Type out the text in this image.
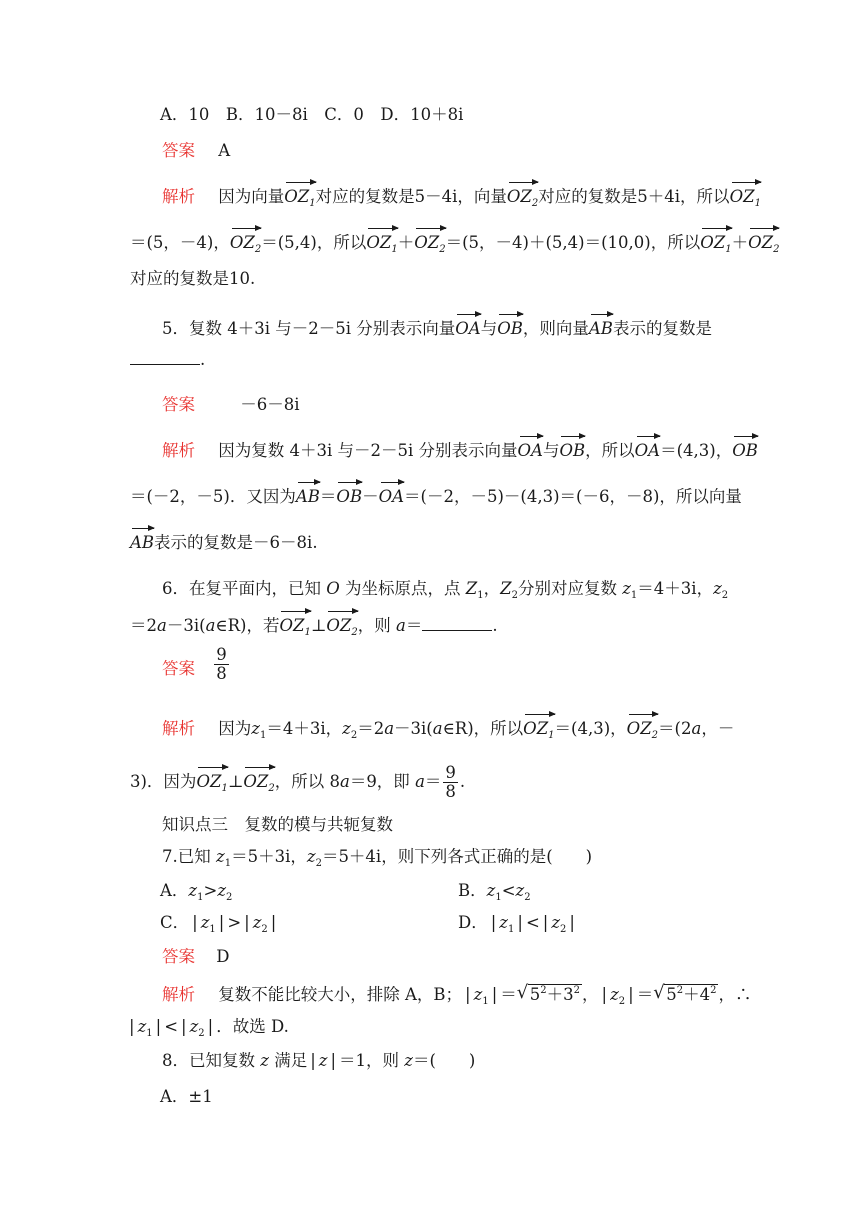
A．10　B．10－8i　C．0　D．10＋8i
答案 A
解析 因为向量$OZ_1$对应的复数是5－4i，向量$OZ_2$对应的复数是5＋4i，所以$OZ_1$
＝(5，－4)，$OZ_2=(5,4)$，所以$OZ_1+OZ_2=(5$，－4)＋(5,4)＝(10,0)，所以$OZ_1+OZ_2$
对应的复数是10.
5．复数 4＋3i 与－2－5i 分别表示向量OA与OB，则向量AB表示的复数是
.
答案	－6－8i
解析 因为复数 4＋3i 与－2－5i 分别表示向量OA与OB，所以OA＝(4,3)，OB
＝(－2，－5)．又因为AB＝OB－OA＝(－2，－5)－(4,3)＝(－6，－8)，所以向量
AB表示的复数是－6－8i.
6．在复平面内，已知 O 为坐标原点，点 $Z_1$，$Z_2$分别对应复数 $z_1=4+3i$，$z_2$
＝2a－3i(a∈R)，若$OZ_1\perp OZ_2$，则 a＝	.
答案 $\frac{9}{8}$
解析 因为$z_1=4+3i$，$z_2=2a-3i(a\in R)$，所以$OZ_1=(4,3)$，$OZ_2=(2a$，－
3)．因为$OZ_1\perp OZ_2$，所以 8a＝9，即 $a= \frac{9}{8}$ .
知识点三　复数的模与共轭复数
7.已知 $z_1=5+3i$，$z_2=5+4i$，则下列各式正确的是(　　)
A．$z_1>z_2$	B．$z_1<z_2$
C． | $z_1$ | > | $z_2$ |	D． | $z_1$ | < | $z_2$ |
答案 D
解析 复数不能比较大小，排除 A，B； | $z_1$ | ＝ √ $5^2+3^2$ ， | $z_2$ | ＝ √ $5^2+4^2$ ，∴
| $z_1$ | < | $z_2$ | ．故选 D.
8．已知复数 z 满足 | z | ＝1，则 z＝(　　)
A．±1
